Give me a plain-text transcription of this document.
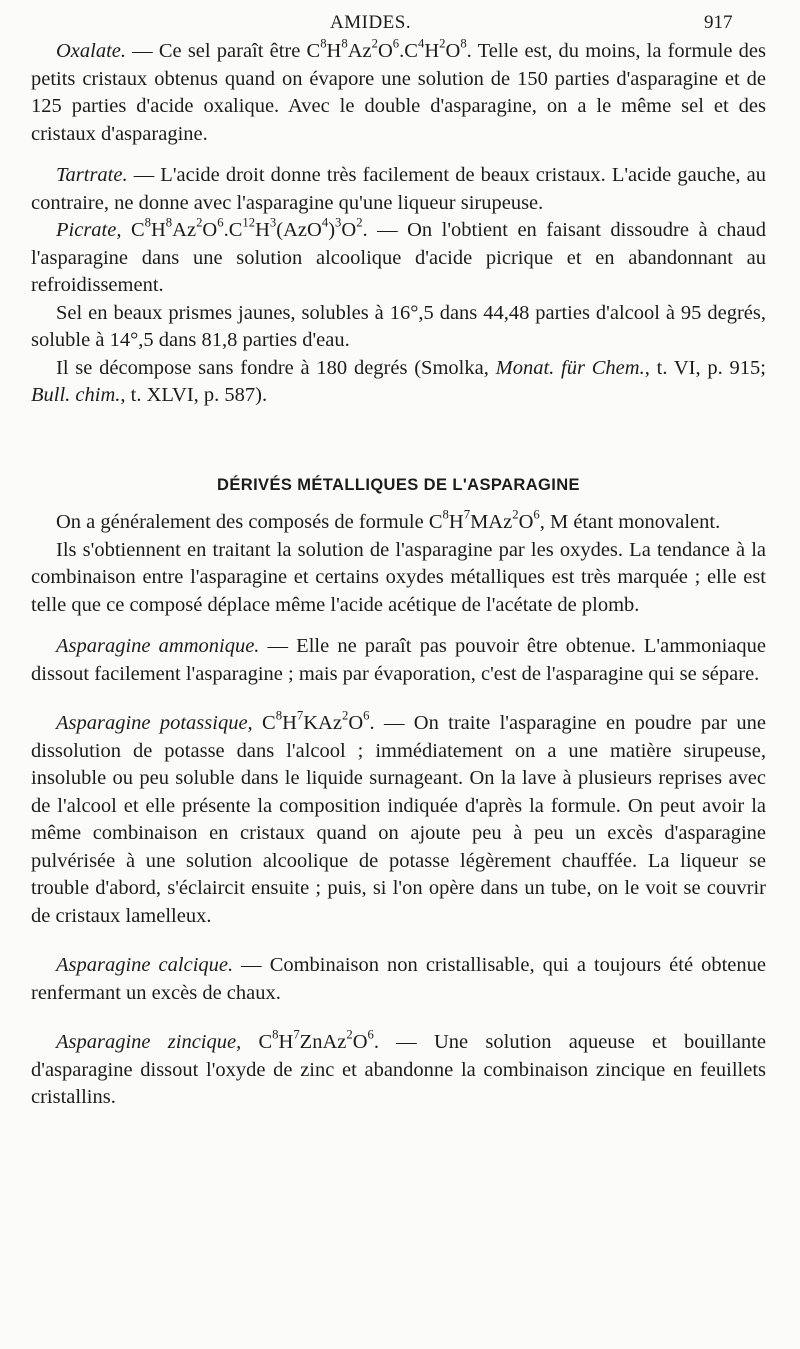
AMIDES.	917

Oxalate. — Ce sel paraît être $C^8H^8Az^2O^6.C^4H^2O^8$. Telle est, du moins, la formule des petits cristaux obtenus quand on évapore une solution de 150 parties d'asparagine et de 125 parties d'acide oxalique. Avec le double d'asparagine, on a le même sel et des cristaux d'asparagine.

Tartrate. — L'acide droit donne très facilement de beaux cristaux. L'acide gauche, au contraire, ne donne avec l'asparagine qu'une liqueur sirupeuse.

Picrate, $C^8H^8Az^2O^6.C^{12}H^3(AzO^4)^3O^2$. — On l'obtient en faisant dissoudre à chaud l'asparagine dans une solution alcoolique d'acide picrique et en abandonnant au refroidissement.

Sel en beaux prismes jaunes, solubles à 16°,5 dans 44,48 parties d'alcool à 95 degrés, soluble à 14°,5 dans 81,8 parties d'eau.

Il se décompose sans fondre à 180 degrés (Smolka, Monat. für Chem., t. VI, p. 915; Bull. chim., t. XLVI, p. 587).

DÉRIVÉS MÉTALLIQUES DE L'ASPARAGINE

On a généralement des composés de formule $C^8H^7MAz^2O^6$, M étant monovalent.

Ils s'obtiennent en traitant la solution de l'asparagine par les oxydes. La tendance à la combinaison entre l'asparagine et certains oxydes métalliques est très marquée ; elle est telle que ce composé déplace même l'acide acétique de l'acétate de plomb.

Asparagine ammonique. — Elle ne paraît pas pouvoir être obtenue. L'ammoniaque dissout facilement l'asparagine ; mais par évaporation, c'est de l'asparagine qui se sépare.

Asparagine potassique, $C^8H^7KAz^2O^6$. — On traite l'asparagine en poudre par une dissolution de potasse dans l'alcool ; immédiatement on a une matière sirupeuse, insoluble ou peu soluble dans le liquide surnageant. On la lave à plusieurs reprises avec de l'alcool et elle présente la composition indiquée d'après la formule. On peut avoir la même combinaison en cristaux quand on ajoute peu à peu un excès d'asparagine pulvérisée à une solution alcoolique de potasse légèrement chauffée. La liqueur se trouble d'abord, s'éclaircit ensuite ; puis, si l'on opère dans un tube, on le voit se couvrir de cristaux lamelleux.

Asparagine calcique. — Combinaison non cristallisable, qui a toujours été obtenue renfermant un excès de chaux.

Asparagine zincique, $C^8H^7ZnAz^2O^6$. — Une solution aqueuse et bouillante d'asparagine dissout l'oxyde de zinc et abandonne la combinaison zincique en feuillets cristallins.
